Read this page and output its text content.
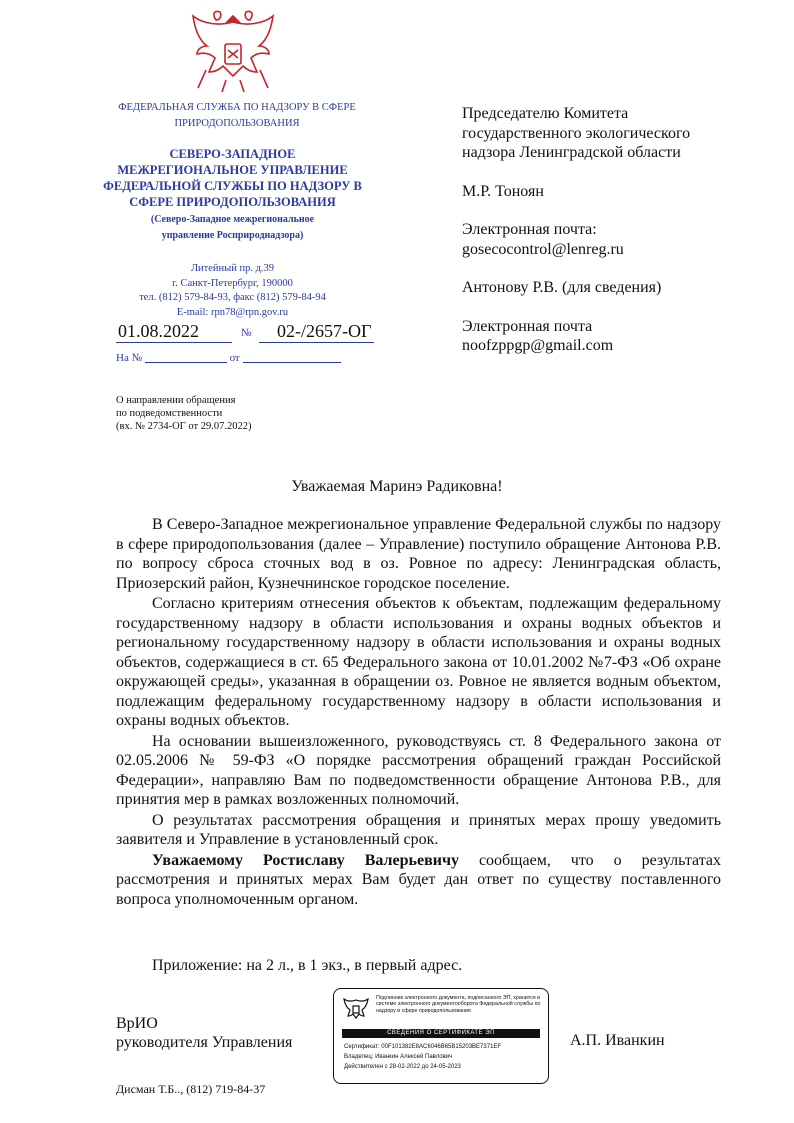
ФЕДЕРАЛЬНАЯ СЛУЖБА ПО НАДЗОРУ В СФЕРЕ
ПРИРОДОПОЛЬЗОВАНИЯ
СЕВЕРО-ЗАПАДНОЕ
МЕЖРЕГИОНАЛЬНОЕ УПРАВЛЕНИЕ
ФЕДЕРАЛЬНОЙ СЛУЖБЫ ПО НАДЗОРУ В
СФЕРЕ ПРИРОДОПОЛЬЗОВАНИЯ
(Северо-Западное межрегиональное
управление Росприроднадзора)
Литейный пр. д.39
г. Санкт-Петербург, 190000
тел. (812) 579-84-93, факс (812) 579-84-94
E-mail: rpn78@rpn.gov.ru
01.08.2022	№	02-/2657-ОГ
На №	от
О направлении обращения
по подведомственности
(вх. № 2734-ОГ от 29.07.2022)

Председателю Комитета

государственного экологического

надзора Ленинградской области

М.Р. Тоноян

Электронная почта:

gosecocontrol@lenreg.ru

Антонову Р.В. (для сведения)

Электронная почта

noofzppgp@gmail.com

Уважаемая Маринэ Радиковна!

В Северо-Западное межрегиональное управление Федеральной службы по надзору в сфере природопользования (далее – Управление) поступило обращение Антонова Р.В. по вопросу сброса сточных вод в оз. Ровное по адресу: Ленинградская область, Приозерский район, Кузнечнинское городское поселение.

Согласно критериям отнесения объектов к объектам, подлежащим федеральному государственному надзору в области использования и охраны водных объектов и региональному государственному надзору в области использования и охраны водных объектов, содержащиеся в ст. 65 Федерального закона от 10.01.2002 №7-ФЗ «Об охране окружающей среды», указанная в обращении оз. Ровное не является водным объектом, подлежащим федеральному государственному надзору в области использования и охраны водных объектов.

На основании вышеизложенного, руководствуясь ст. 8 Федерального закона от 02.05.2006 № 59-ФЗ «О порядке рассмотрения обращений граждан Российской Федерации», направляю Вам по подведомственности обращение Антонова Р.В., для принятия мер в рамках возложенных полномочий.

О результатах рассмотрения обращения и принятых мерах прошу уведомить заявителя и Управление в установленный срок.

Уважаемому Ростиславу Валерьевичу сообщаем, что о результатах рассмотрения и принятых мерах Вам будет дан ответ по существу поставленного вопроса уполномоченным органом.

Приложение: на 2 л., в 1 экз., в первый адрес.
ВрИО
руководителя Управления
Подлинник электронного документа, подписанного ЭП, хранится в системе электронного документооборота Федеральной службы по надзору в сфере природопользования
СВЕДЕНИЯ О СЕРТИФИКАТЕ ЭП
Сертификат: 00F101382E8AC6046B65B15203BE7371EF
Владелец: Иванкин Алексей Павлович
Действителен с 28-02-2022 до 24-05-2023
А.П. Иванкин
Дисман Т.Б.., (812) 719-84-37
